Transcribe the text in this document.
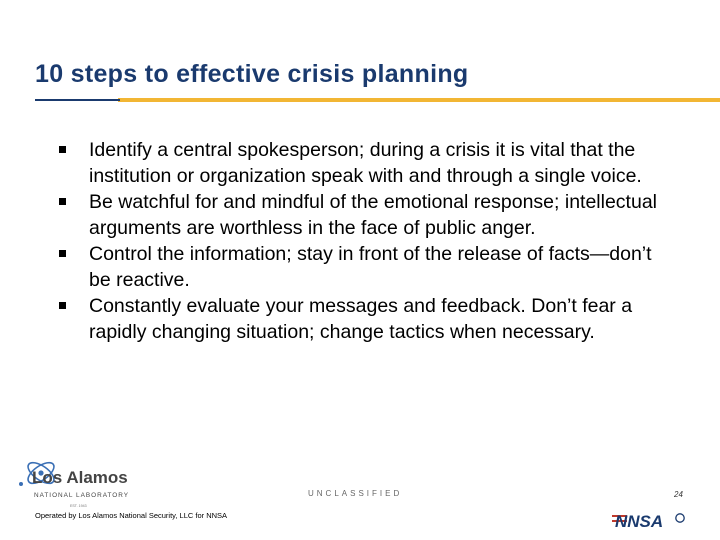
10 steps to effective crisis planning
Identify a central spokesperson; during a crisis it is vital that the institution or organization speak with and through a single voice.
Be watchful for and mindful of the emotional response; intellectual arguments are worthless in the face of public anger.
Control the information; stay in front of the release of facts—don’t be reactive.
Constantly evaluate your messages and feedback. Don’t fear a rapidly changing situation; change tactics when necessary.
Los Alamos
NATIONAL LABORATORY
EST. 1943
Operated by Los Alamos National Security, LLC for NNSA
UNCLASSIFIED	24
NNSA
